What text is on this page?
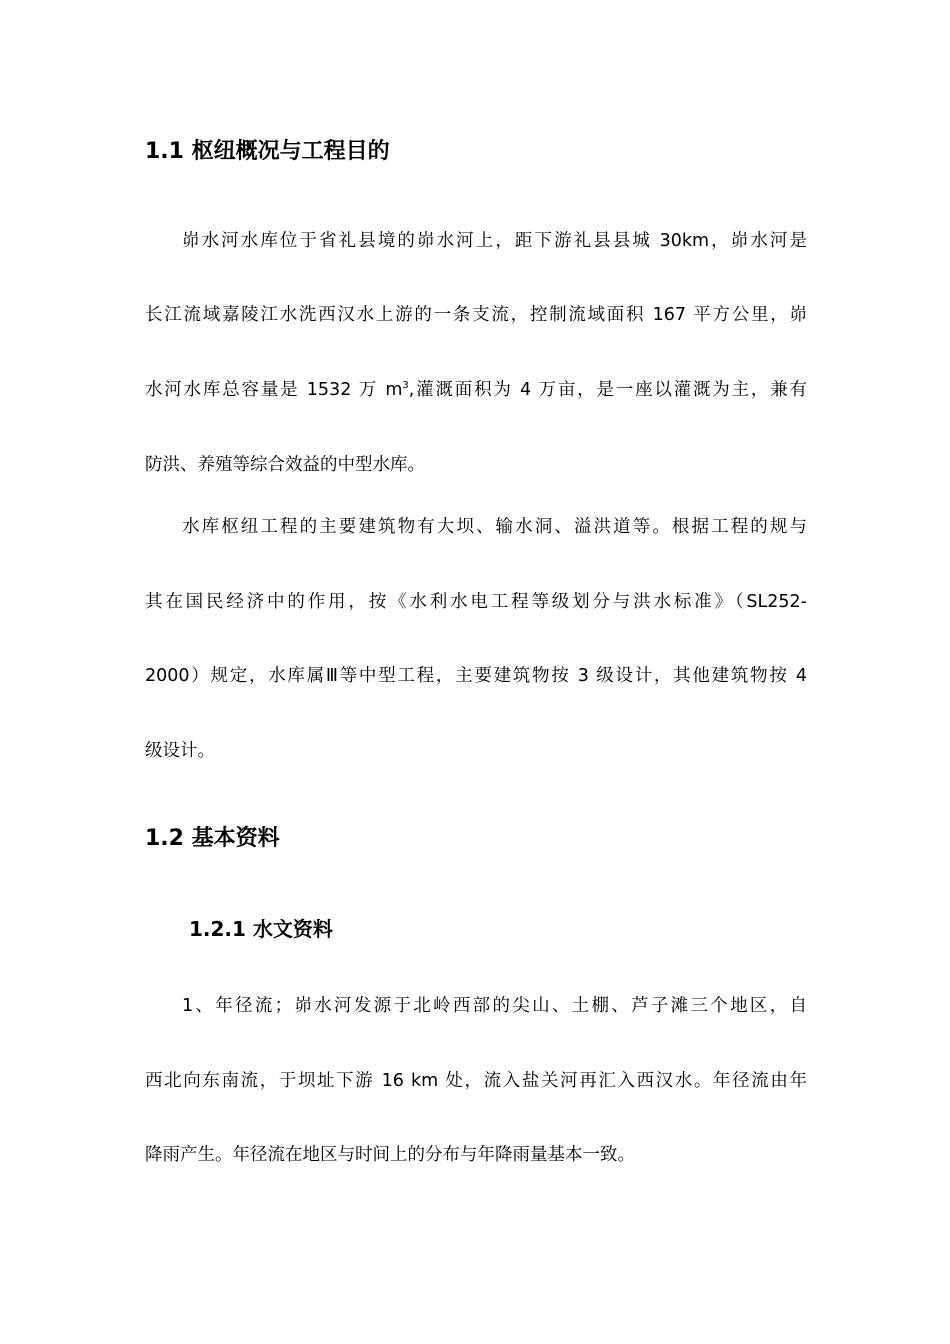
1.1 枢纽概况与工程目的

峁水河水库位于省礼县境的峁水河上，距下游礼县县城 30km，峁水河是

长江流域嘉陵江水洗西汉水上游的一条支流，控制流域面积 167 平方公里，峁

水河水库总容量是 1532 万 $m^3$,灌溉面积为 4 万亩，是一座以灌溉为主，兼有

防洪、养殖等综合效益的中型水库。

水库枢纽工程的主要建筑物有大坝、输水洞、溢洪道等。根据工程的规与

其在国民经济中的作用，按《水利水电工程等级划分与洪水标准》（SL252-

2000）规定，水库属Ⅲ等中型工程，主要建筑物按 3 级设计，其他建筑物按 4

级设计。

1.2 基本资料
1.2.1 水文资料

1、年径流；峁水河发源于北岭西部的尖山、土棚、芦子滩三个地区，自

西北向东南流，于坝址下游 16 km 处，流入盐关河再汇入西汉水。年径流由年

降雨产生。年径流在地区与时间上的分布与年降雨量基本一致。
